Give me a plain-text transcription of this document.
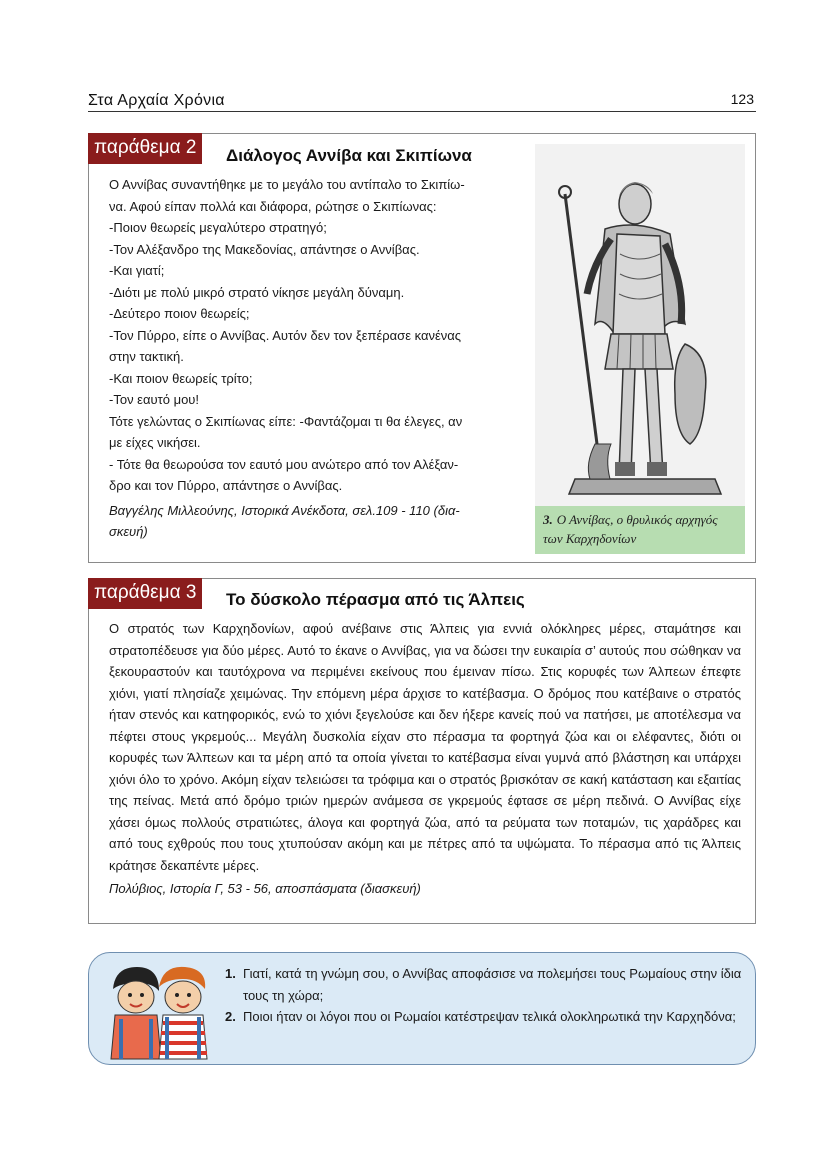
Στα Αρχαία Χρόνια	123
παράθεμα 2	Διάλογος Αννίβα και Σκιπίωνα
Ο Αννίβας συναντήθηκε με το μεγάλο του αντίπαλο το Σκιπίω-
να. Αφού είπαν πολλά και διάφορα, ρώτησε ο Σκιπίωνας:
-Ποιον θεωρείς μεγαλύτερο στρατηγό;
-Τον Αλέξανδρο της Μακεδονίας, απάντησε ο Αννίβας.
-Και γιατί;
-Διότι με πολύ μικρό στρατό νίκησε μεγάλη δύναμη.
-Δεύτερο ποιον θεωρείς;
-Τον Πύρρο, είπε ο Αννίβας. Αυτόν δεν τον ξεπέρασε κανένας
στην τακτική.
-Και ποιον θεωρείς τρίτο;
-Τον εαυτό μου!
Τότε γελώντας ο Σκιπίωνας είπε: -Φαντάζομαι τι θα έλεγες, αν
με είχες νικήσει.
- Τότε θα θεωρούσα τον εαυτό μου ανώτερο από τον Αλέξαν-
δρο και τον Πύρρο, απάντησε ο Αννίβας.
Βαγγέλης Μιλλεούνης, Ιστορικά Ανέκδοτα, σελ.109 - 110 (δια-
σκευή)
3. Ο Αννίβας, ο θρυλικός αρχηγός των Καρχηδονίων
παράθεμα 3	Το δύσκολο πέρασμα από τις Άλπεις
Ο στρατός των Καρχηδονίων, αφού ανέβαινε στις Άλπεις για εννιά ολόκληρες μέρες, σταμάτησε και στρατοπέδευσε για δύο μέρες. Αυτό το έκανε ο Αννίβας, για να δώσει την ευκαιρία σ’ αυτούς που σώθηκαν να ξεκουραστούν και ταυτόχρονα να περιμένει εκείνους που έμειναν πίσω. Στις κορυφές των Άλπεων έπεφτε χιόνι, γιατί πλησίαζε χειμώνας. Την επόμενη μέρα άρχισε το κατέβασμα. Ο δρόμος που κατέβαινε ο στρατός ήταν στενός και κατηφορικός, ενώ το χιόνι ξεγελούσε και δεν ήξερε κανείς πού να πατήσει, με αποτέλεσμα να πέφτει στους γκρεμούς... Μεγάλη δυσκολία είχαν στο πέρασμα τα φορτηγά ζώα και οι ελέφαντες, διότι οι κορυφές των Άλπεων και τα μέρη από τα οποία γίνεται το κατέβασμα είναι γυμνά από βλάστηση και υπάρχει χιόνι όλο το χρόνο. Ακόμη είχαν τελειώσει τα τρόφιμα και ο στρατός βρισκόταν σε κακή κατάσταση και εξαιτίας της πείνας. Μετά από δρόμο τριών ημερών ανάμεσα σε γκρεμούς έφτασε σε μέρη πεδινά. Ο Αννίβας είχε χάσει όμως πολλούς στρατιώτες, άλογα και φορτηγά ζώα, από τα ρεύματα των ποταμών, τις χαράδρες και από τους εχθρούς που τους χτυπούσαν ακόμη και με πέτρες από τα υψώματα. Το πέρασμα από τις Άλπεις κράτησε δεκαπέντε μέρες.
Πολύβιος, Ιστορία Γ, 53 - 56, αποσπάσματα (διασκευή)
1. Γιατί, κατά τη γνώμη σου, ο Αννίβας αποφάσισε να πολεμήσει τους Ρωμαίους στην ίδια τους τη χώρα;
2. Ποιοι ήταν οι λόγοι που οι Ρωμαίοι κατέστρεψαν τελικά ολοκληρωτικά την Καρχηδόνα;
